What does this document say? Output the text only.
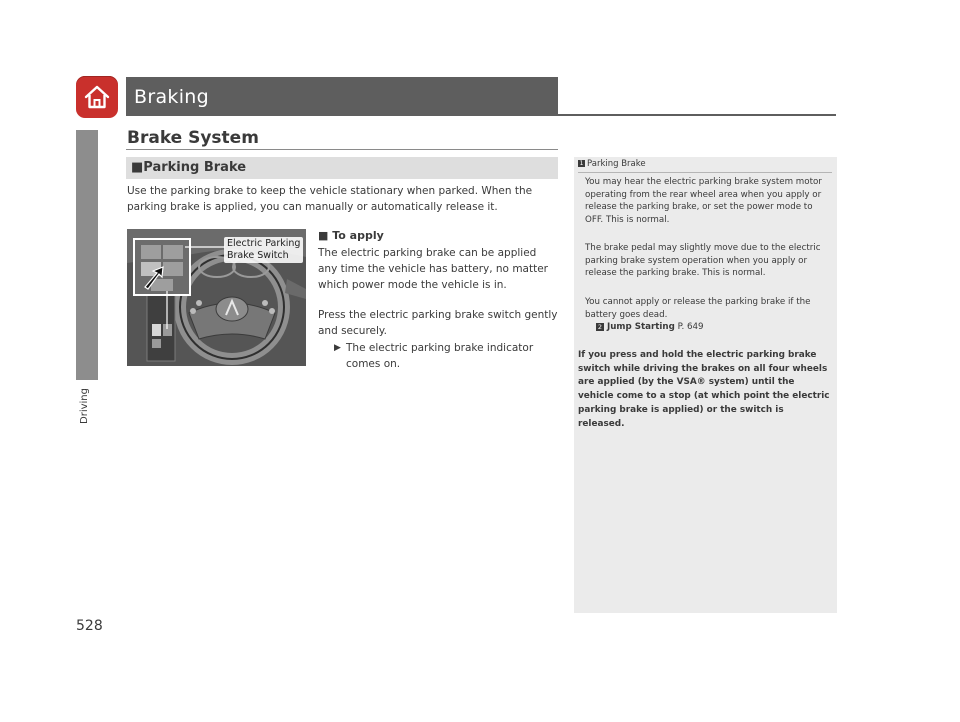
Braking
Driving
528
Brake System
■Parking Brake
Use the parking brake to keep the vehicle stationary when parked. When the parking brake is applied, you can manually or automatically release it.
Electric Parking
Brake Switch
■ To apply
The electric parking brake can be applied any time the vehicle has battery, no matter which power mode the vehicle is in.
Press the electric parking brake switch gently and securely.
▶ The electric parking brake indicator comes on.
1 Parking Brake
You may hear the electric parking brake system motor operating from the rear wheel area when you apply or release the parking brake, or set the power mode to OFF. This is normal.
The brake pedal may slightly move due to the electric parking brake system operation when you apply or release the parking brake. This is normal.
You cannot apply or release the parking brake if the battery goes dead.
2 Jump Starting P. 649
If you press and hold the electric parking brake switch while driving the brakes on all four wheels are applied (by the VSA® system) until the vehicle come to a stop (at which point the electric parking brake is applied) or the switch is released.
